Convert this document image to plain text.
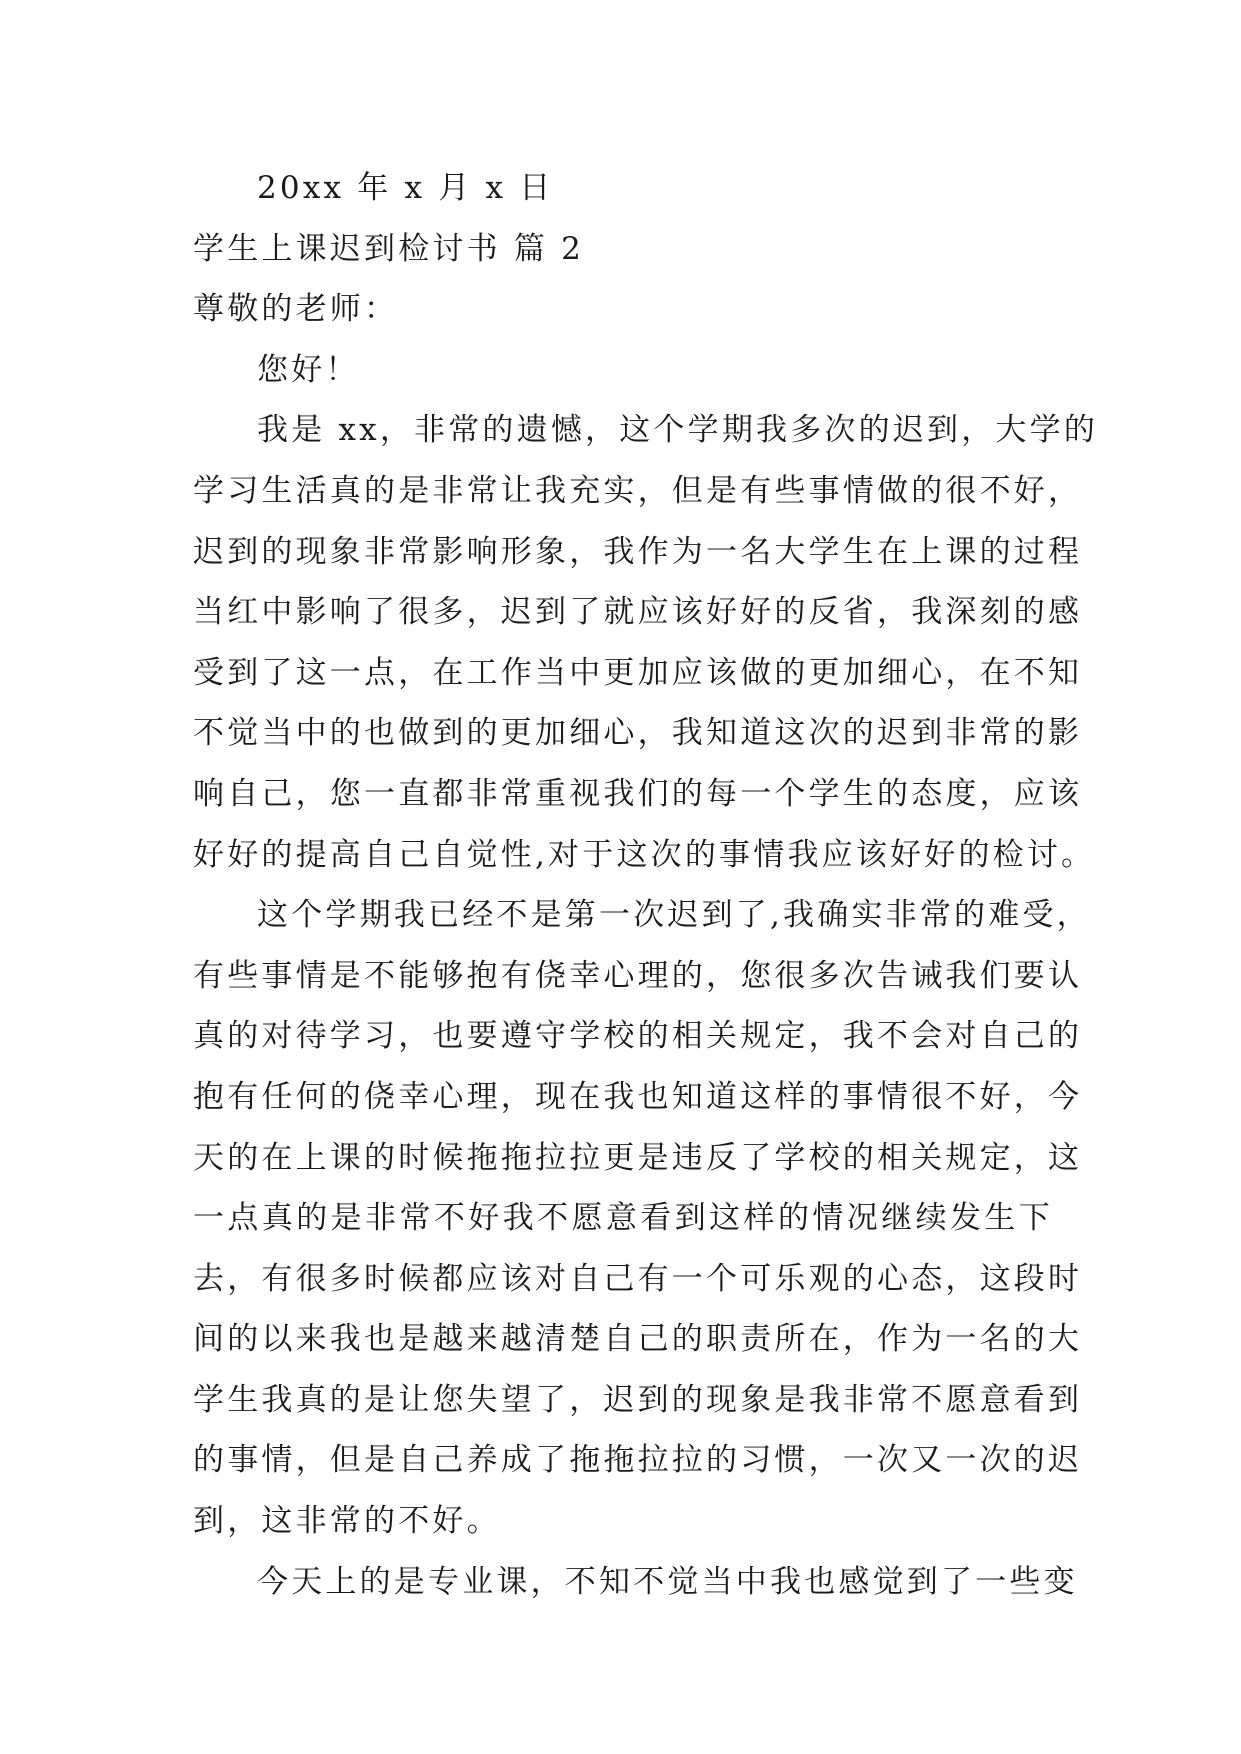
20xx 年 x 月 x 日
学生上课迟到检讨书 篇 2
尊敬的老师：
您好！
我是 xx，非常的遗憾，这个学期我多次的迟到，大学的
学习生活真的是非常让我充实，但是有些事情做的很不好，
迟到的现象非常影响形象，我作为一名大学生在上课的过程
当红中影响了很多，迟到了就应该好好的反省，我深刻的感
受到了这一点，在工作当中更加应该做的更加细心，在不知
不觉当中的也做到的更加细心，我知道这次的迟到非常的影
响自己，您一直都非常重视我们的每一个学生的态度，应该
好好的提高自己自觉性,对于这次的事情我应该好好的检讨。
这个学期我已经不是第一次迟到了,我确实非常的难受，
有些事情是不能够抱有侥幸心理的，您很多次告诫我们要认
真的对待学习，也要遵守学校的相关规定，我不会对自己的
抱有任何的侥幸心理，现在我也知道这样的事情很不好，今
天的在上课的时候拖拖拉拉更是违反了学校的相关规定，这
一点真的是非常不好我不愿意看到这样的情况继续发生下
去，有很多时候都应该对自己有一个可乐观的心态，这段时
间的以来我也是越来越清楚自己的职责所在，作为一名的大
学生我真的是让您失望了，迟到的现象是我非常不愿意看到
的事情，但是自己养成了拖拖拉拉的习惯，一次又一次的迟
到，这非常的不好。
今天上的是专业课，不知不觉当中我也感觉到了一些变
